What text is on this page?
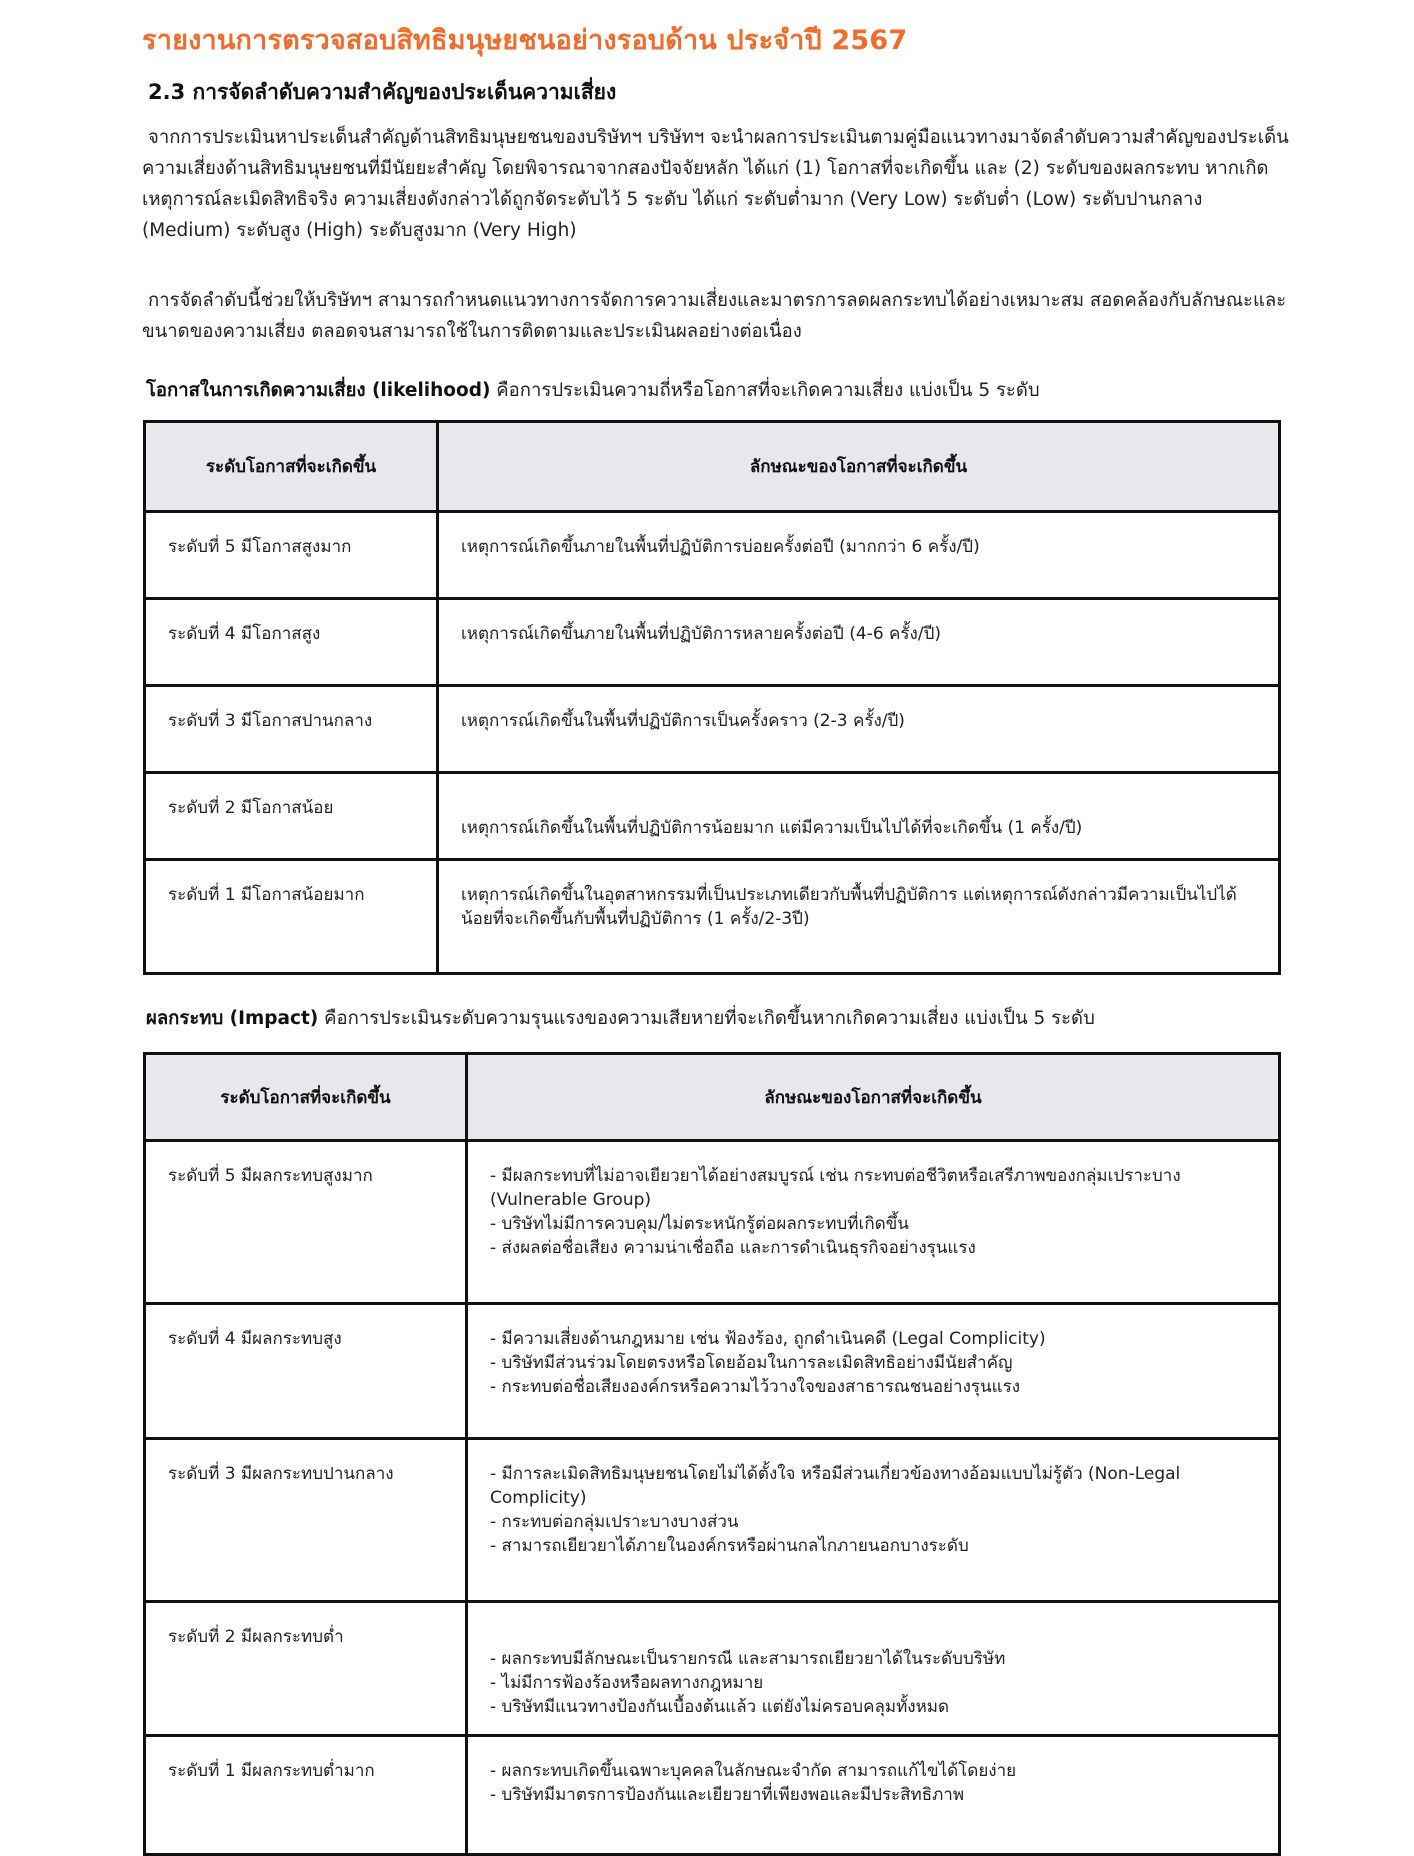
รายงานการตรวจสอบสิทธิมนุษยชนอย่างรอบด้าน ประจำปี 2567
2.3 การจัดลำดับความสำคัญของประเด็นความเสี่ยง
จากการประเมินหาประเด็นสำคัญด้านสิทธิมนุษยชนของบริษัทฯ บริษัทฯ จะนำผลการประเมินตามคู่มือแนวทางมาจัดลำดับความสำคัญของประเด็นความเสี่ยงด้านสิทธิมนุษยชนที่มีนัยยะสำคัญ โดยพิจารณาจากสองปัจจัยหลัก ได้แก่ (1) โอกาสที่จะเกิดขึ้น และ (2) ระดับของผลกระทบ หากเกิดเหตุการณ์ละเมิดสิทธิจริง ความเสี่ยงดังกล่าวได้ถูกจัดระดับไว้ 5 ระดับ ได้แก่ ระดับต่ำมาก (Very Low) ระดับต่ำ (Low) ระดับปานกลาง (Medium) ระดับสูง (High) ระดับสูงมาก (Very High)
การจัดลำดับนี้ช่วยให้บริษัทฯ สามารถกำหนดแนวทางการจัดการความเสี่ยงและมาตรการลดผลกระทบได้อย่างเหมาะสม สอดคล้องกับลักษณะและขนาดของความเสี่ยง ตลอดจนสามารถใช้ในการติดตามและประเมินผลอย่างต่อเนื่อง
โอกาสในการเกิดความเสี่ยง (likelihood) คือการประเมินความถี่หรือโอกาสที่จะเกิดความเสี่ยง แบ่งเป็น 5 ระดับ
ระดับโอกาสที่จะเกิดขึ้น	ลักษณะของโอกาสที่จะเกิดขึ้น
ระดับที่ 5 มีโอกาสสูงมาก	เหตุการณ์เกิดขึ้นภายในพื้นที่ปฏิบัติการบ่อยครั้งต่อปี (มากกว่า 6 ครั้ง/ปี)
ระดับที่ 4 มีโอกาสสูง	เหตุการณ์เกิดขึ้นภายในพื้นที่ปฏิบัติการหลายครั้งต่อปี (4-6 ครั้ง/ปี)
ระดับที่ 3 มีโอกาสปานกลาง	เหตุการณ์เกิดขึ้นในพื้นที่ปฏิบัติการเป็นครั้งคราว (2-3 ครั้ง/ปี)
ระดับที่ 2 มีโอกาสน้อย	เหตุการณ์เกิดขึ้นในพื้นที่ปฏิบัติการน้อยมาก แต่มีความเป็นไปได้ที่จะเกิดขึ้น (1 ครั้ง/ปี)
ระดับที่ 1 มีโอกาสน้อยมาก	เหตุการณ์เกิดขึ้นในอุตสาหกรรมที่เป็นประเภทเดียวกับพื้นที่ปฏิบัติการ แต่เหตุการณ์ดังกล่าวมีความเป็นไปได้น้อยที่จะเกิดขึ้นกับพื้นที่ปฏิบัติการ (1 ครั้ง/2-3ปี)
ผลกระทบ (Impact) คือการประเมินระดับความรุนแรงของความเสียหายที่จะเกิดขึ้นหากเกิดความเสี่ยง แบ่งเป็น 5 ระดับ
ระดับโอกาสที่จะเกิดขึ้น	ลักษณะของโอกาสที่จะเกิดขึ้น
ระดับที่ 5 มีผลกระทบสูงมาก	- มีผลกระทบที่ไม่อาจเยียวยาได้อย่างสมบูรณ์ เช่น กระทบต่อชีวิตหรือเสรีภาพของกลุ่มเปราะบาง (Vulnerable Group)
- บริษัทไม่มีการควบคุม/ไม่ตระหนักรู้ต่อผลกระทบที่เกิดขึ้น
- ส่งผลต่อชื่อเสียง ความน่าเชื่อถือ และการดำเนินธุรกิจอย่างรุนแรง

ระดับที่ 4 มีผลกระทบสูง	- มีความเสี่ยงด้านกฎหมาย เช่น ฟ้องร้อง, ถูกดำเนินคดี (Legal Complicity)
- บริษัทมีส่วนร่วมโดยตรงหรือโดยอ้อมในการละเมิดสิทธิอย่างมีนัยสำคัญ
- กระทบต่อชื่อเสียงองค์กรหรือความไว้วางใจของสาธารณชนอย่างรุนแรง

ระดับที่ 3 มีผลกระทบปานกลาง	- มีการละเมิดสิทธิมนุษยชนโดยไม่ได้ตั้งใจ หรือมีส่วนเกี่ยวข้องทางอ้อมแบบไม่รู้ตัว (Non-Legal Complicity)
- กระทบต่อกลุ่มเปราะบางบางส่วน
- สามารถเยียวยาได้ภายในองค์กรหรือผ่านกลไกภายนอกบางระดับ

ระดับที่ 2 มีผลกระทบต่ำ	- ผลกระทบมีลักษณะเป็นรายกรณี และสามารถเยียวยาได้ในระดับบริษัท
- ไม่มีการฟ้องร้องหรือผลทางกฎหมาย
- บริษัทมีแนวทางป้องกันเบื้องต้นแล้ว แต่ยังไม่ครอบคลุมทั้งหมด

ระดับที่ 1 มีผลกระทบต่ำมาก	- ผลกระทบเกิดขึ้นเฉพาะบุคคลในลักษณะจำกัด สามารถแก้ไขได้โดยง่าย
- บริษัทมีมาตรการป้องกันและเยียวยาที่เพียงพอและมีประสิทธิภาพ
